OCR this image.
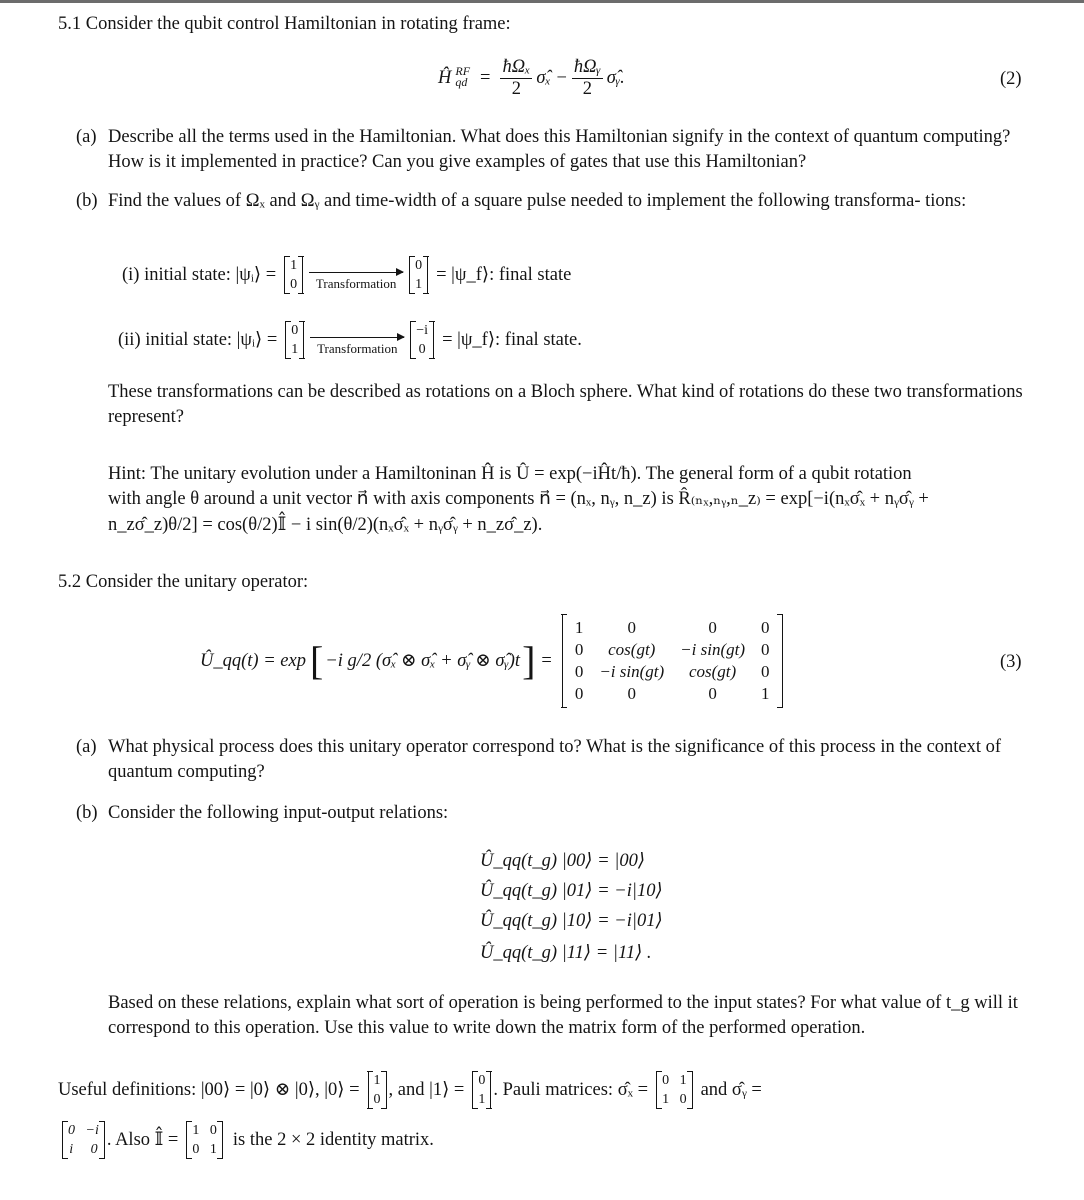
5.1 Consider the qubit control Hamiltonian in rotating frame:
Ĥ RF
qd = $\frac{\text{ħΩₓ}}{2}$ σ̂ₓ − $\frac{\text{ħΩᵧ}}{2}$ σ̂ᵧ.	(2)
(a) Describe all the terms used in the Hamiltonian. What does this Hamiltonian signify in the context of quantum computing? How is it implemented in practice? Can you give examples of gates that use this Hamiltonian?
(b) Find the values of Ωₓ and Ωᵧ and time-width of a square pulse needed to implement the following transforma- tions:
(i) initial state: |ψᵢ⟩ = 1
0	Transformation
0
1 = |ψ_f⟩: final state
(ii) initial state: |ψᵢ⟩ = 0
1	Transformation
−i
0 = |ψ_f⟩: final state.
These transformations can be described as rotations on a Bloch sphere. What kind of rotations do these two transformations represent?
Hint: The unitary evolution under a Hamiltoninan Ĥ is Û = exp(−iĤt/ħ). The general form of a qubit rotation
with angle θ around a unit vector n⃗ with axis components n⃗ = (nₓ, nᵧ, n_z) is R̂₍ₙₓ,ₙᵧ,ₙ_z₎ = exp[−i(nₓσ̂ₓ + nᵧσ̂ᵧ +
n_zσ̂_z)θ/2] = cos(θ/2)𝕀̂ − i sin(θ/2)(nₓσ̂ₓ + nᵧσ̂ᵧ + n_zσ̂_z).
5.2 Consider the unitary operator:
Û_qq(t) = exp [ −i g/2 (σ̂ₓ ⊗ σ̂ₓ + σ̂ᵧ ⊗ σ̂ᵧ)t ] =
1	0	0	0
0	cos(gt)	−i sin(gt)	0
0	−i sin(gt)	cos(gt)	0
0	0	0	1
(3)
(a) What physical process does this unitary operator correspond to? What is the significance of this process in the context of quantum computing?
(b) Consider the following input-output relations:
Û_qq(t_g) |00⟩ = |00⟩
Û_qq(t_g) |01⟩ = −i|10⟩
Û_qq(t_g) |10⟩ = −i|01⟩
Û_qq(t_g) |11⟩ = |11⟩ .
Based on these relations, explain what sort of operation is being performed to the input states? For what value of t_g will it correspond to this operation. Use this value to write down the matrix form of the performed operation.
Useful definitions: |00⟩ = |0⟩ ⊗ |0⟩, |0⟩ = 1
0 , and |1⟩ = 0
1 . Pauli matrices: σ̂ₓ = 0 1
1 0 and σ̂ᵧ =
0 −i
i 0 . Also 𝕀̂ = 1 0
0 1 is the 2 × 2 identity matrix.
